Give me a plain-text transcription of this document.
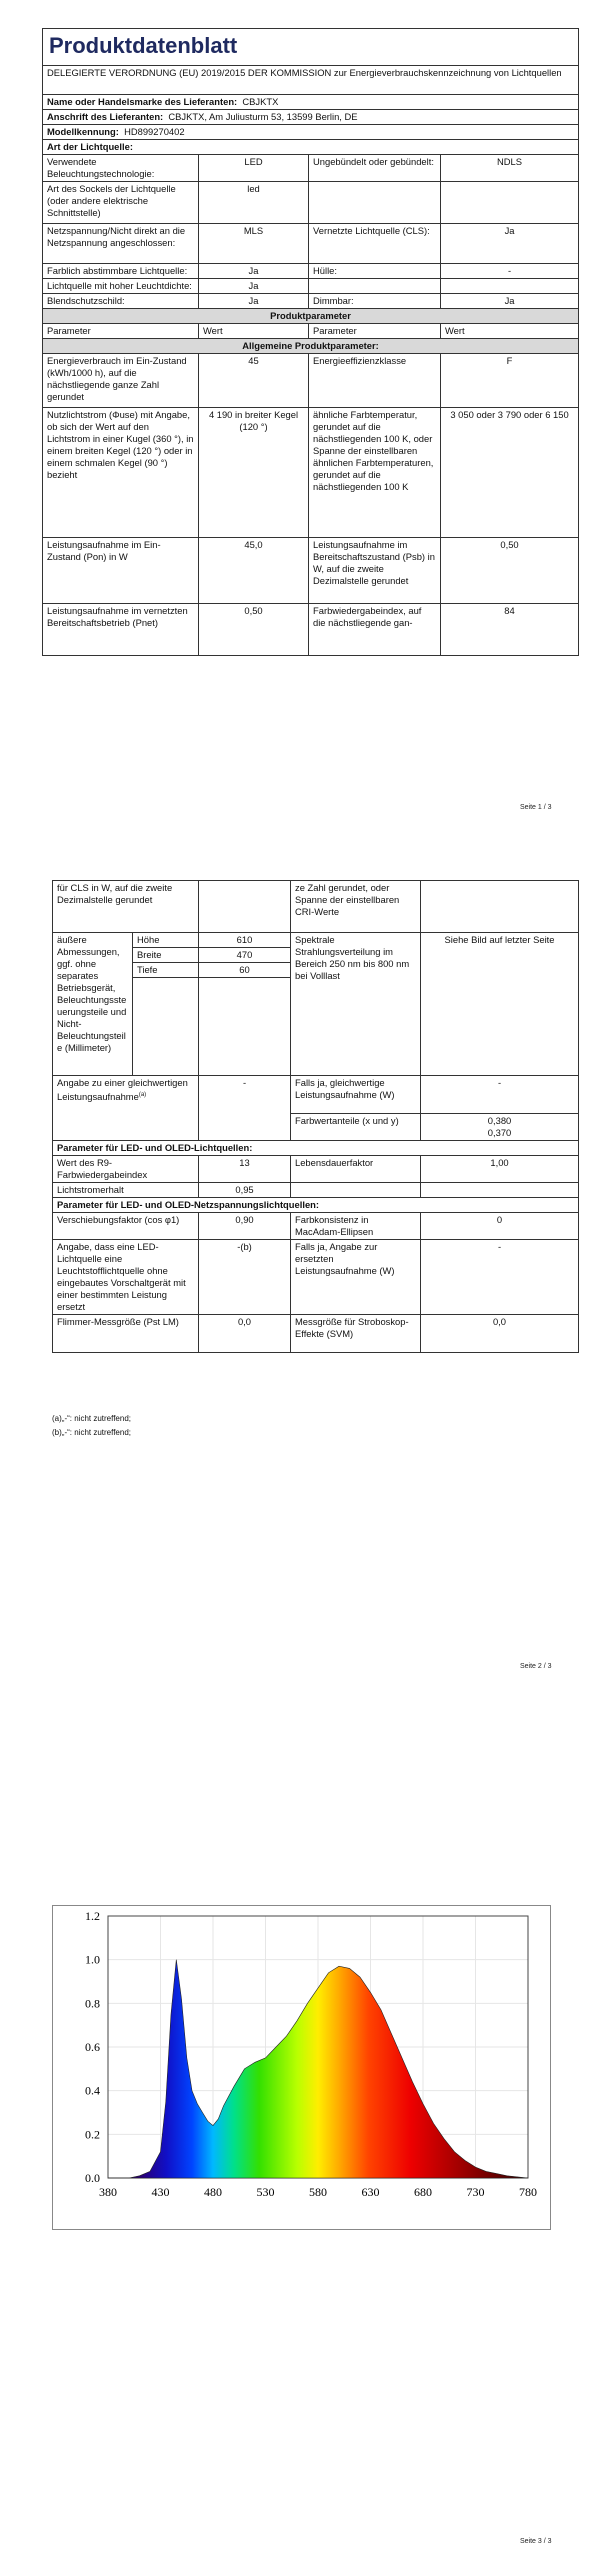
Produktdatenblatt			
DELEGIERTE VERORDNUNG (EU) 2019/2015 DER KOMMISSION zur Energieverbrauchskennzeichnung von Lichtquellen			
Name oder Handelsmarke des Lieferanten: CBJKTX			
Anschrift des Lieferanten: CBJKTX, Am Juliusturm 53, 13599 Berlin, DE			
Modellkennung: HD899270402			
Art der Lichtquelle:			
Verwendete Beleuchtungstechnologie:	LED	Ungebündelt oder gebündelt:	NDLS
Art des Sockels der Lichtquelle (oder andere elektrische Schnittstelle)	led		
Netzspannung/Nicht direkt an die Netzspannung angeschlossen:	MLS	Vernetzte Lichtquelle (CLS):	Ja
Farblich abstimmbare Lichtquelle:	Ja	Hülle:	-
Lichtquelle mit hoher Leuchtdichte:	Ja		
Blendschutzschild:	Ja	Dimmbar:	Ja
Produktparameter			
Parameter	Wert	Parameter	Wert
Allgemeine Produktparameter:			
Energieverbrauch im Ein-Zustand (kWh/1000 h), auf die nächstliegende ganze Zahl gerundet	45	Energieeffizienzklasse	F
Nutzlichtstrom (Φuse) mit Angabe, ob sich der Wert auf den Lichtstrom in einer Kugel (360 °), in einem breiten Kegel (120 °) oder in einem schmalen Kegel (90 °) bezieht	4 190 in breiter Kegel (120 °)	ähnliche Farbtemperatur, gerundet auf die nächstliegenden 100 K, oder Spanne der einstellbaren ähnlichen Farbtemperaturen, gerundet auf die nächstliegenden 100 K	3 050 oder 3 790 oder 6 150
Leistungsaufnahme im Ein-Zustand (Pon) in W	45,0	Leistungsaufnahme im Bereitschaftszustand (Psb) in W, auf die zweite Dezimalstelle gerundet	0,50
Leistungsaufnahme im vernetzten Bereitschaftsbetrieb (Pnet)	0,50	Farbwiedergabeindex, auf die nächstliegende gan-	84
Seite 1 / 3
für CLS in W, auf die zweite Dezimalstelle gerundet			ze Zahl gerundet, oder Spanne der einstellbaren CRI-Werte	
äußere Abmessungen, ggf. ohne separates Betriebsgerät, Beleuchtungssteuerungsteile und Nicht-Beleuchtungsteile (Millimeter)	Höhe	610	Spektrale Strahlungsverteilung im Bereich 250 nm bis 800 nm bei Volllast	Siehe Bild auf letzter Seite
	Breite	470		
	Tiefe	60		

Angabe zu einer gleichwertigen Leistungsaufnahme$^{(a)}$		-	Falls ja, gleichwertige Leistungsaufnahme (W)	-
			Farbwertanteile (x und y)	0,380
0,370

Parameter für LED- und OLED-Lichtquellen:				
Wert des R9-Farbwiedergabeindex		13	Lebensdauerfaktor	1,00
Lichtstromerhalt		0,95		
Parameter für LED- und OLED-Netzspannungslichtquellen:				
Verschiebungsfaktor (cos φ1)		0,90	Farbkonsistenz in MacAdam-Ellipsen	0
Angabe, dass eine LED-Lichtquelle eine Leuchtstofflichtquelle ohne eingebautes Vorschaltgerät mit einer bestimmten Leistung ersetzt		-(b)	Falls ja, Angabe zur ersetzten Leistungsaufnahme (W)	-
Flimmer-Messgröße (Pst LM)		0,0	Messgröße für Stroboskop-Effekte (SVM)	0,0
(a)„-“: nicht zutreffend;
(b)„-“: nicht zutreffend;
Seite 2 / 3
0.0
0.2
0.4
0.6
0.8
1.0
1.2
380	430	480	530	580	630	680	730	780
Seite 3 / 3
